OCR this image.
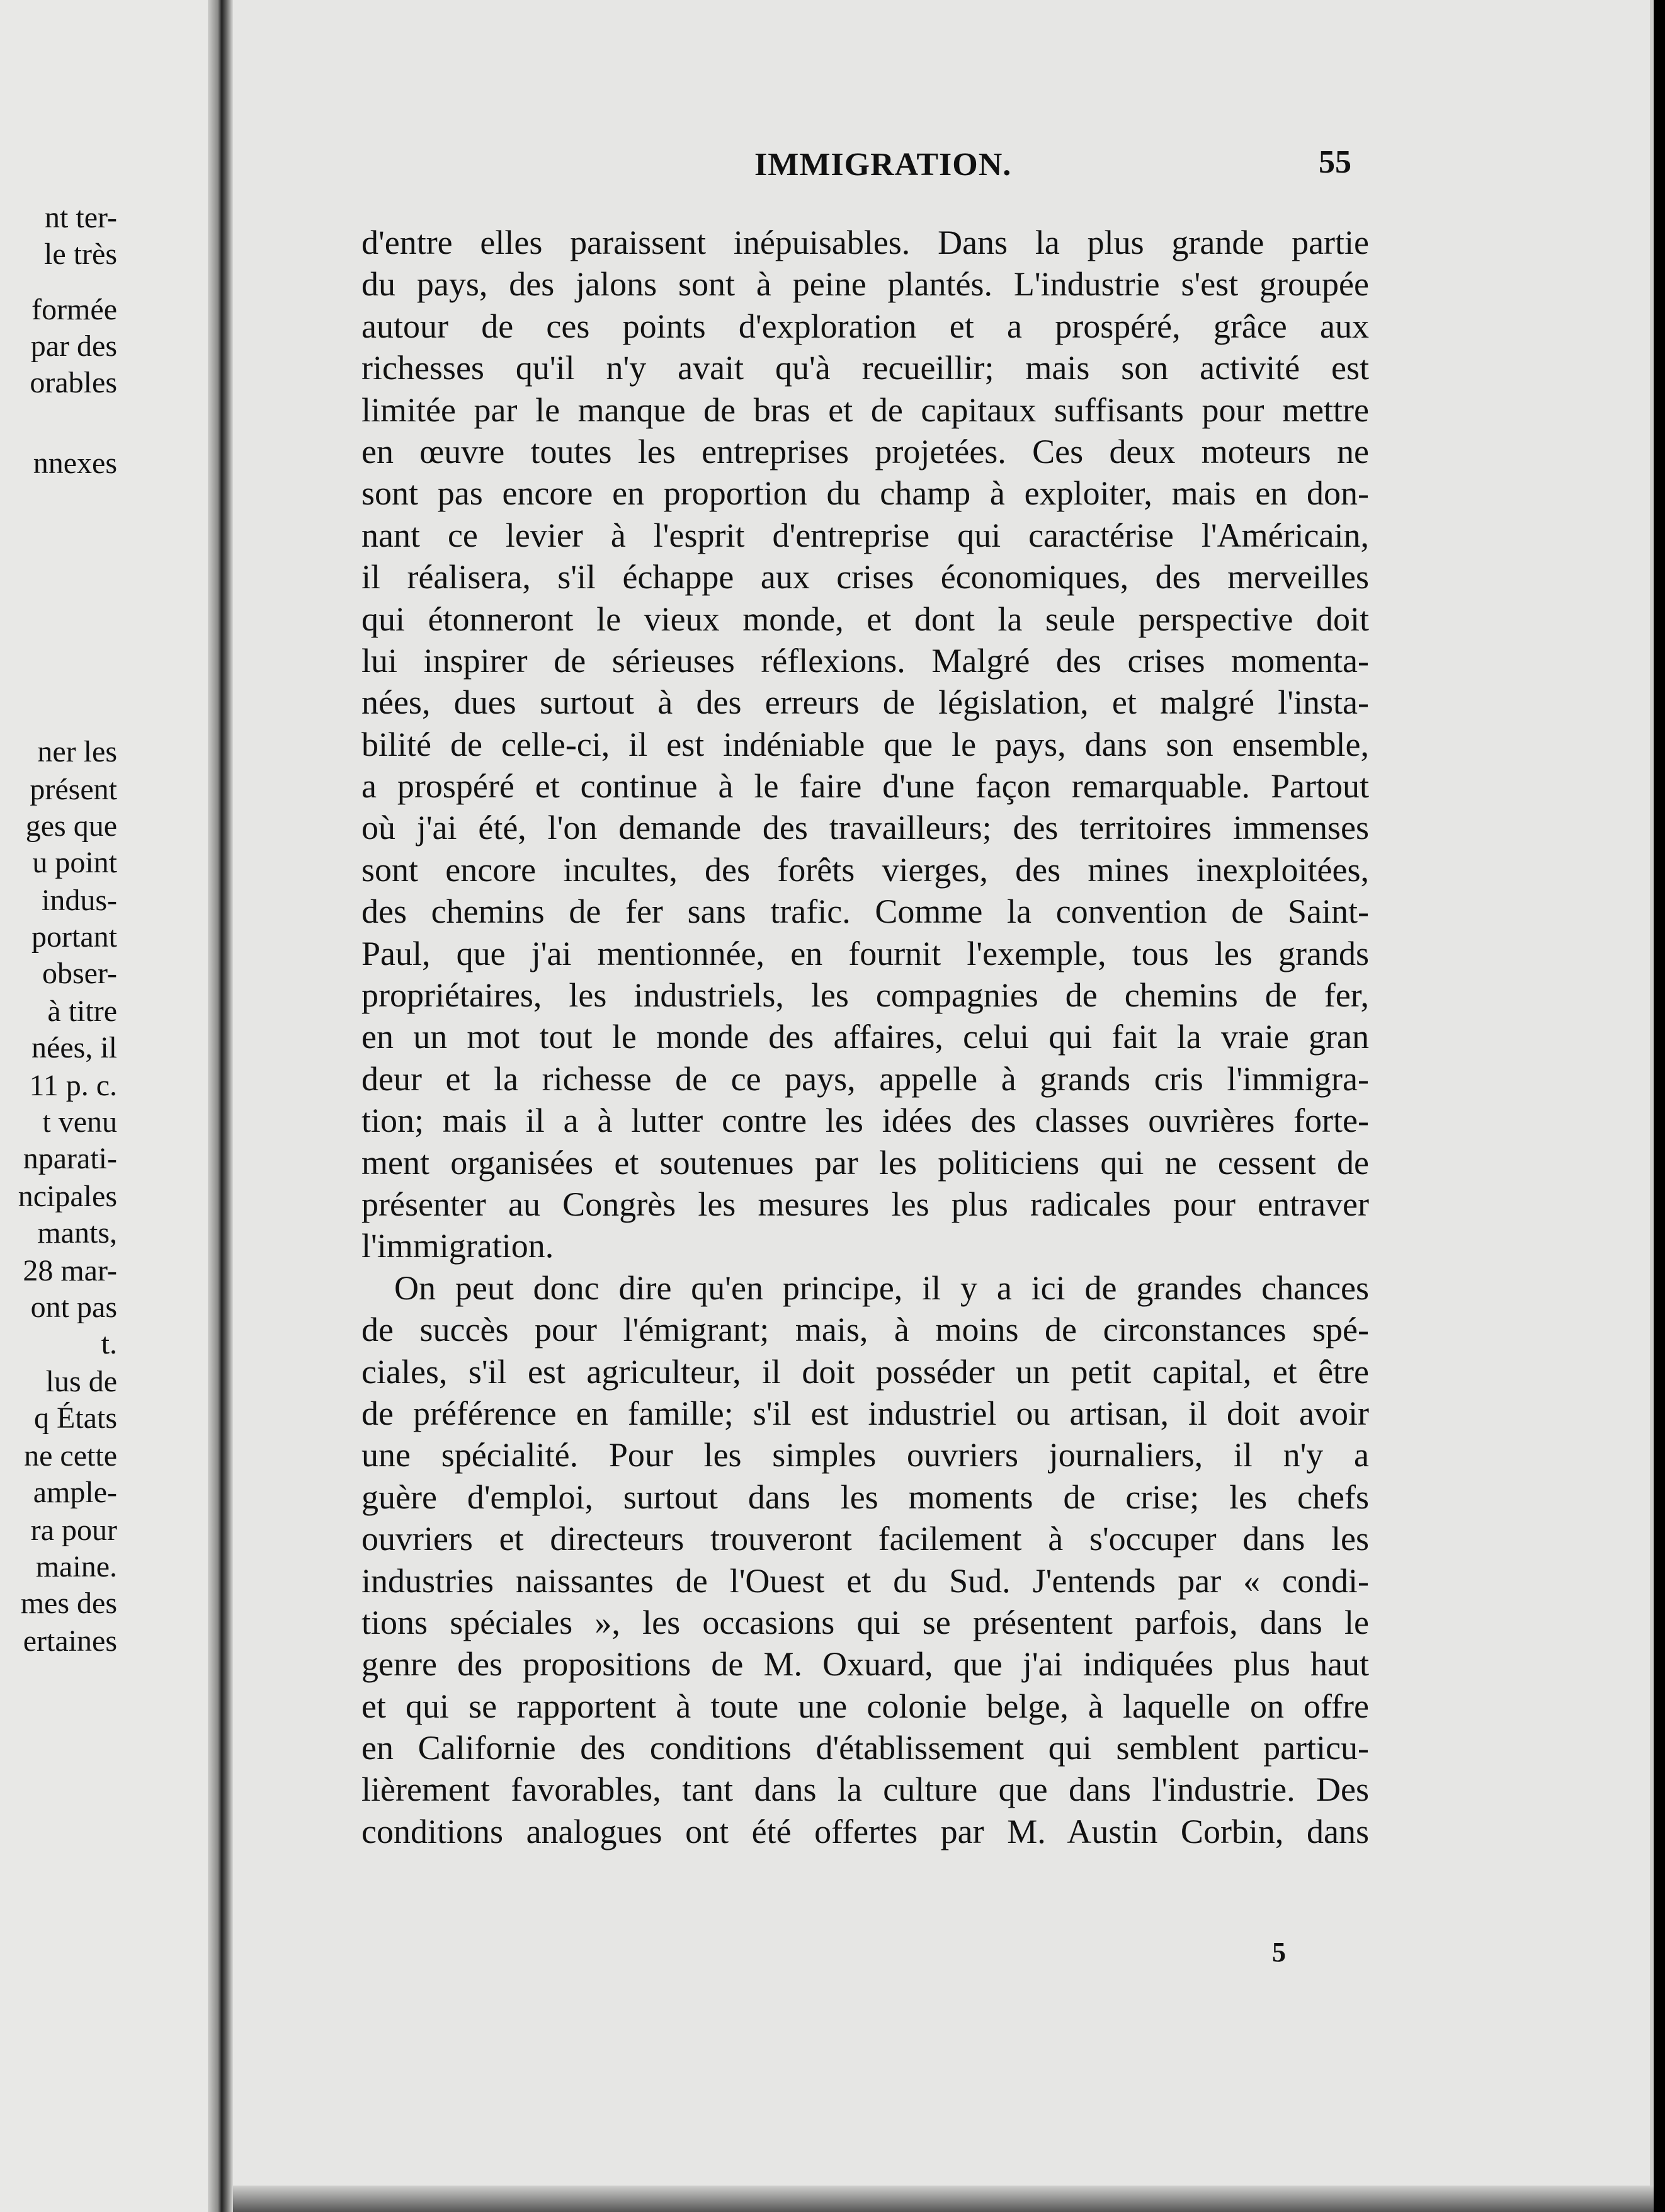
nt ter-
le très
formée
par des
orables
nnexes
ner les
présent
ges que
u point
indus-
portant
obser-
à titre
nées, il
11 p. c.
t venu
nparati-
ncipales
mants,
28 mar-
ont pas
t.
lus de
q États
ne cette
ample-
ra pour
maine.
mes des
ertaines
IMMIGRATION.	55
d'entre elles paraissent inépuisables. Dans la plus grande partie
du pays, des jalons sont à peine plantés. L'industrie s'est groupée
autour de ces points d'exploration et a prospéré, grâce aux
richesses qu'il n'y avait qu'à recueillir; mais son activité est
limitée par le manque de bras et de capitaux suffisants pour mettre
en œuvre toutes les entreprises projetées. Ces deux moteurs ne
sont pas encore en proportion du champ à exploiter, mais en don-
nant ce levier à l'esprit d'entreprise qui caractérise l'Américain,
il réalisera, s'il échappe aux crises économiques, des merveilles
qui étonneront le vieux monde, et dont la seule perspective doit
lui inspirer de sérieuses réflexions. Malgré des crises momenta-
nées, dues surtout à des erreurs de législation, et malgré l'insta-
bilité de celle-ci, il est indéniable que le pays, dans son ensemble,
a prospéré et continue à le faire d'une façon remarquable. Partout
où j'ai été, l'on demande des travailleurs; des territoires immenses
sont encore incultes, des forêts vierges, des mines inexploitées,
des chemins de fer sans trafic. Comme la convention de Saint-
Paul, que j'ai mentionnée, en fournit l'exemple, tous les grands
propriétaires, les industriels, les compagnies de chemins de fer,
en un mot tout le monde des affaires, celui qui fait la vraie gran
deur et la richesse de ce pays, appelle à grands cris l'immigra-
tion; mais il a à lutter contre les idées des classes ouvrières forte-
ment organisées et soutenues par les politiciens qui ne cessent de
présenter au Congrès les mesures les plus radicales pour entraver
l'immigration.
On peut donc dire qu'en principe, il y a ici de grandes chances
de succès pour l'émigrant; mais, à moins de circonstances spé-
ciales, s'il est agriculteur, il doit posséder un petit capital, et être
de préférence en famille; s'il est industriel ou artisan, il doit avoir
une spécialité. Pour les simples ouvriers journaliers, il n'y a
guère d'emploi, surtout dans les moments de crise; les chefs
ouvriers et directeurs trouveront facilement à s'occuper dans les
industries naissantes de l'Ouest et du Sud. J'entends par « condi-
tions spéciales », les occasions qui se présentent parfois, dans le
genre des propositions de M. Oxuard, que j'ai indiquées plus haut
et qui se rapportent à toute une colonie belge, à laquelle on offre
en Californie des conditions d'établissement qui semblent particu-
lièrement favorables, tant dans la culture que dans l'industrie. Des
conditions analogues ont été offertes par M. Austin Corbin, dans
5
